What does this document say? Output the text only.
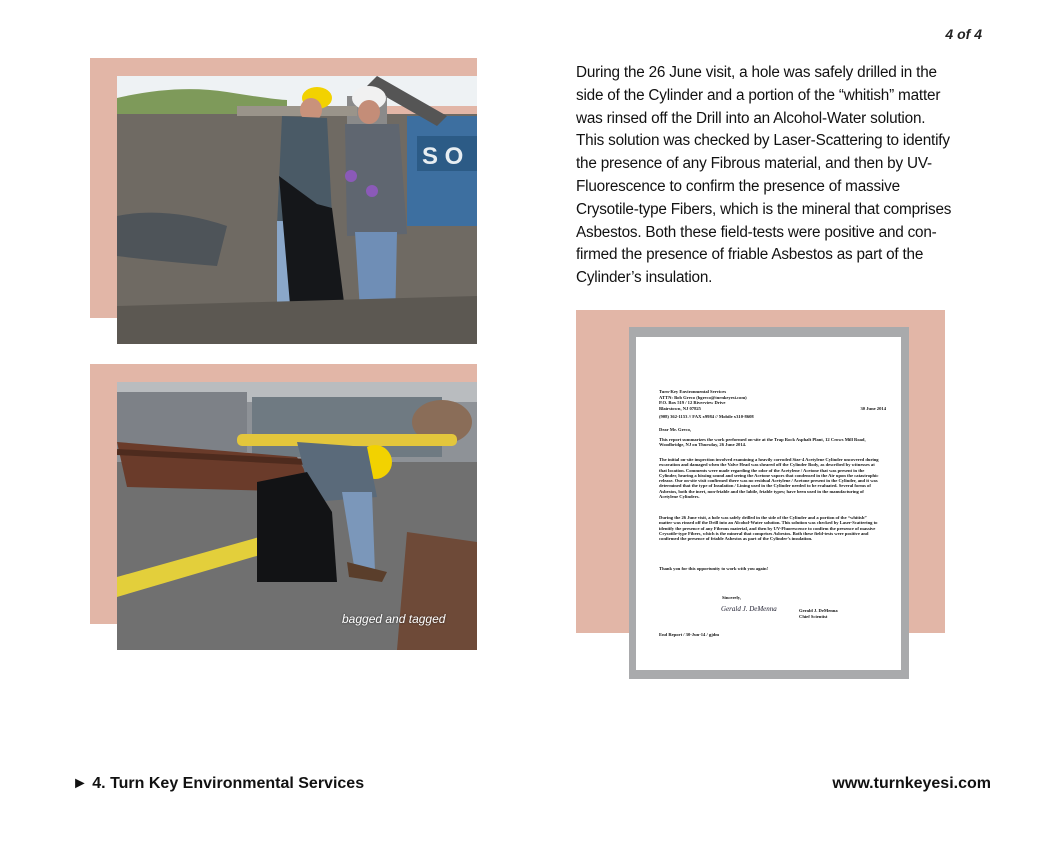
4 of 4
S O
bagged and tagged

During the 26 June visit, a hole was safely drilled in the side of the Cylinder and a portion of the “whitish” matter was rinsed off the Drill into an Alcohol-Water solution. This solution was checked by Laser-Scattering to identify the presence of any Fibrous material, and then by UV-Fluorescence to confirm the presence of massive Crysotile-type Fibers, which is the mineral that comprises Asbestos. Both these field-tests were positive and con-firmed the presence of friable Asbestos as part of the Cylinder’s insulation.

Turn-Key Environmental Services
ATTN: Bob Greco (bgreco@turnkeyesi.com)
P.O. Box 519 / 12 Riverview Drive
Blairstown, NJ 07825	30 June 2014
(908) 362-1153 // FAX x9984 // Mobile x310-8608
Dear Mr. Greco,
This report summarizes the work performed on-site at the Trap Rock Asphalt Plant, 12 Crows Mill Road, Woodbridge, NJ on Thursday, 26 June 2014.
The initial on-site inspection involved examining a heavily corroded Size-4 Acetylene Cylinder uncovered during excavation and damaged when the Valve Head was sheared off the Cylinder Body, as described by witnesses at that location. Comments were made regarding the odor of the Acetylene / Acetone that was present in the Cylinder, hearing a hissing sound and seeing the Acetone vapors that condensed in the Air upon the catastrophic release. Our on-site visit confirmed there was no residual Acetylene / Acetone present in the Cylinder, and it was determined that the type of Insulation / Lining used in the Cylinder needed to be evaluated. Several forms of Asbestos, both the inert, non-friable and the labile, friable types; have been used in the manufacturing of Acetylene Cylinders.
During the 26 June visit, a hole was safely drilled in the side of the Cylinder and a portion of the “whitish” matter was rinsed off the Drill into an Alcohol-Water solution. This solution was checked by Laser-Scattering to identify the presence of any Fibrous material, and then by UV-Fluorescence to confirm the presence of massive Crysotile-type Fibers, which is the mineral that comprises Asbestos. Both these field-tests were positive and confirmed the presence of friable Asbestos as part of the Cylinder’s insulation.
Thank you for this opportunity to work with you again!
Sincerely,
Gerald J. DeMenna	Gerald J. DeMenna
Chief Scientist
End Report / 30-Jun-14 / gjdm
► 4. Turn Key Environmental Services	www.turnkeyesi.com
